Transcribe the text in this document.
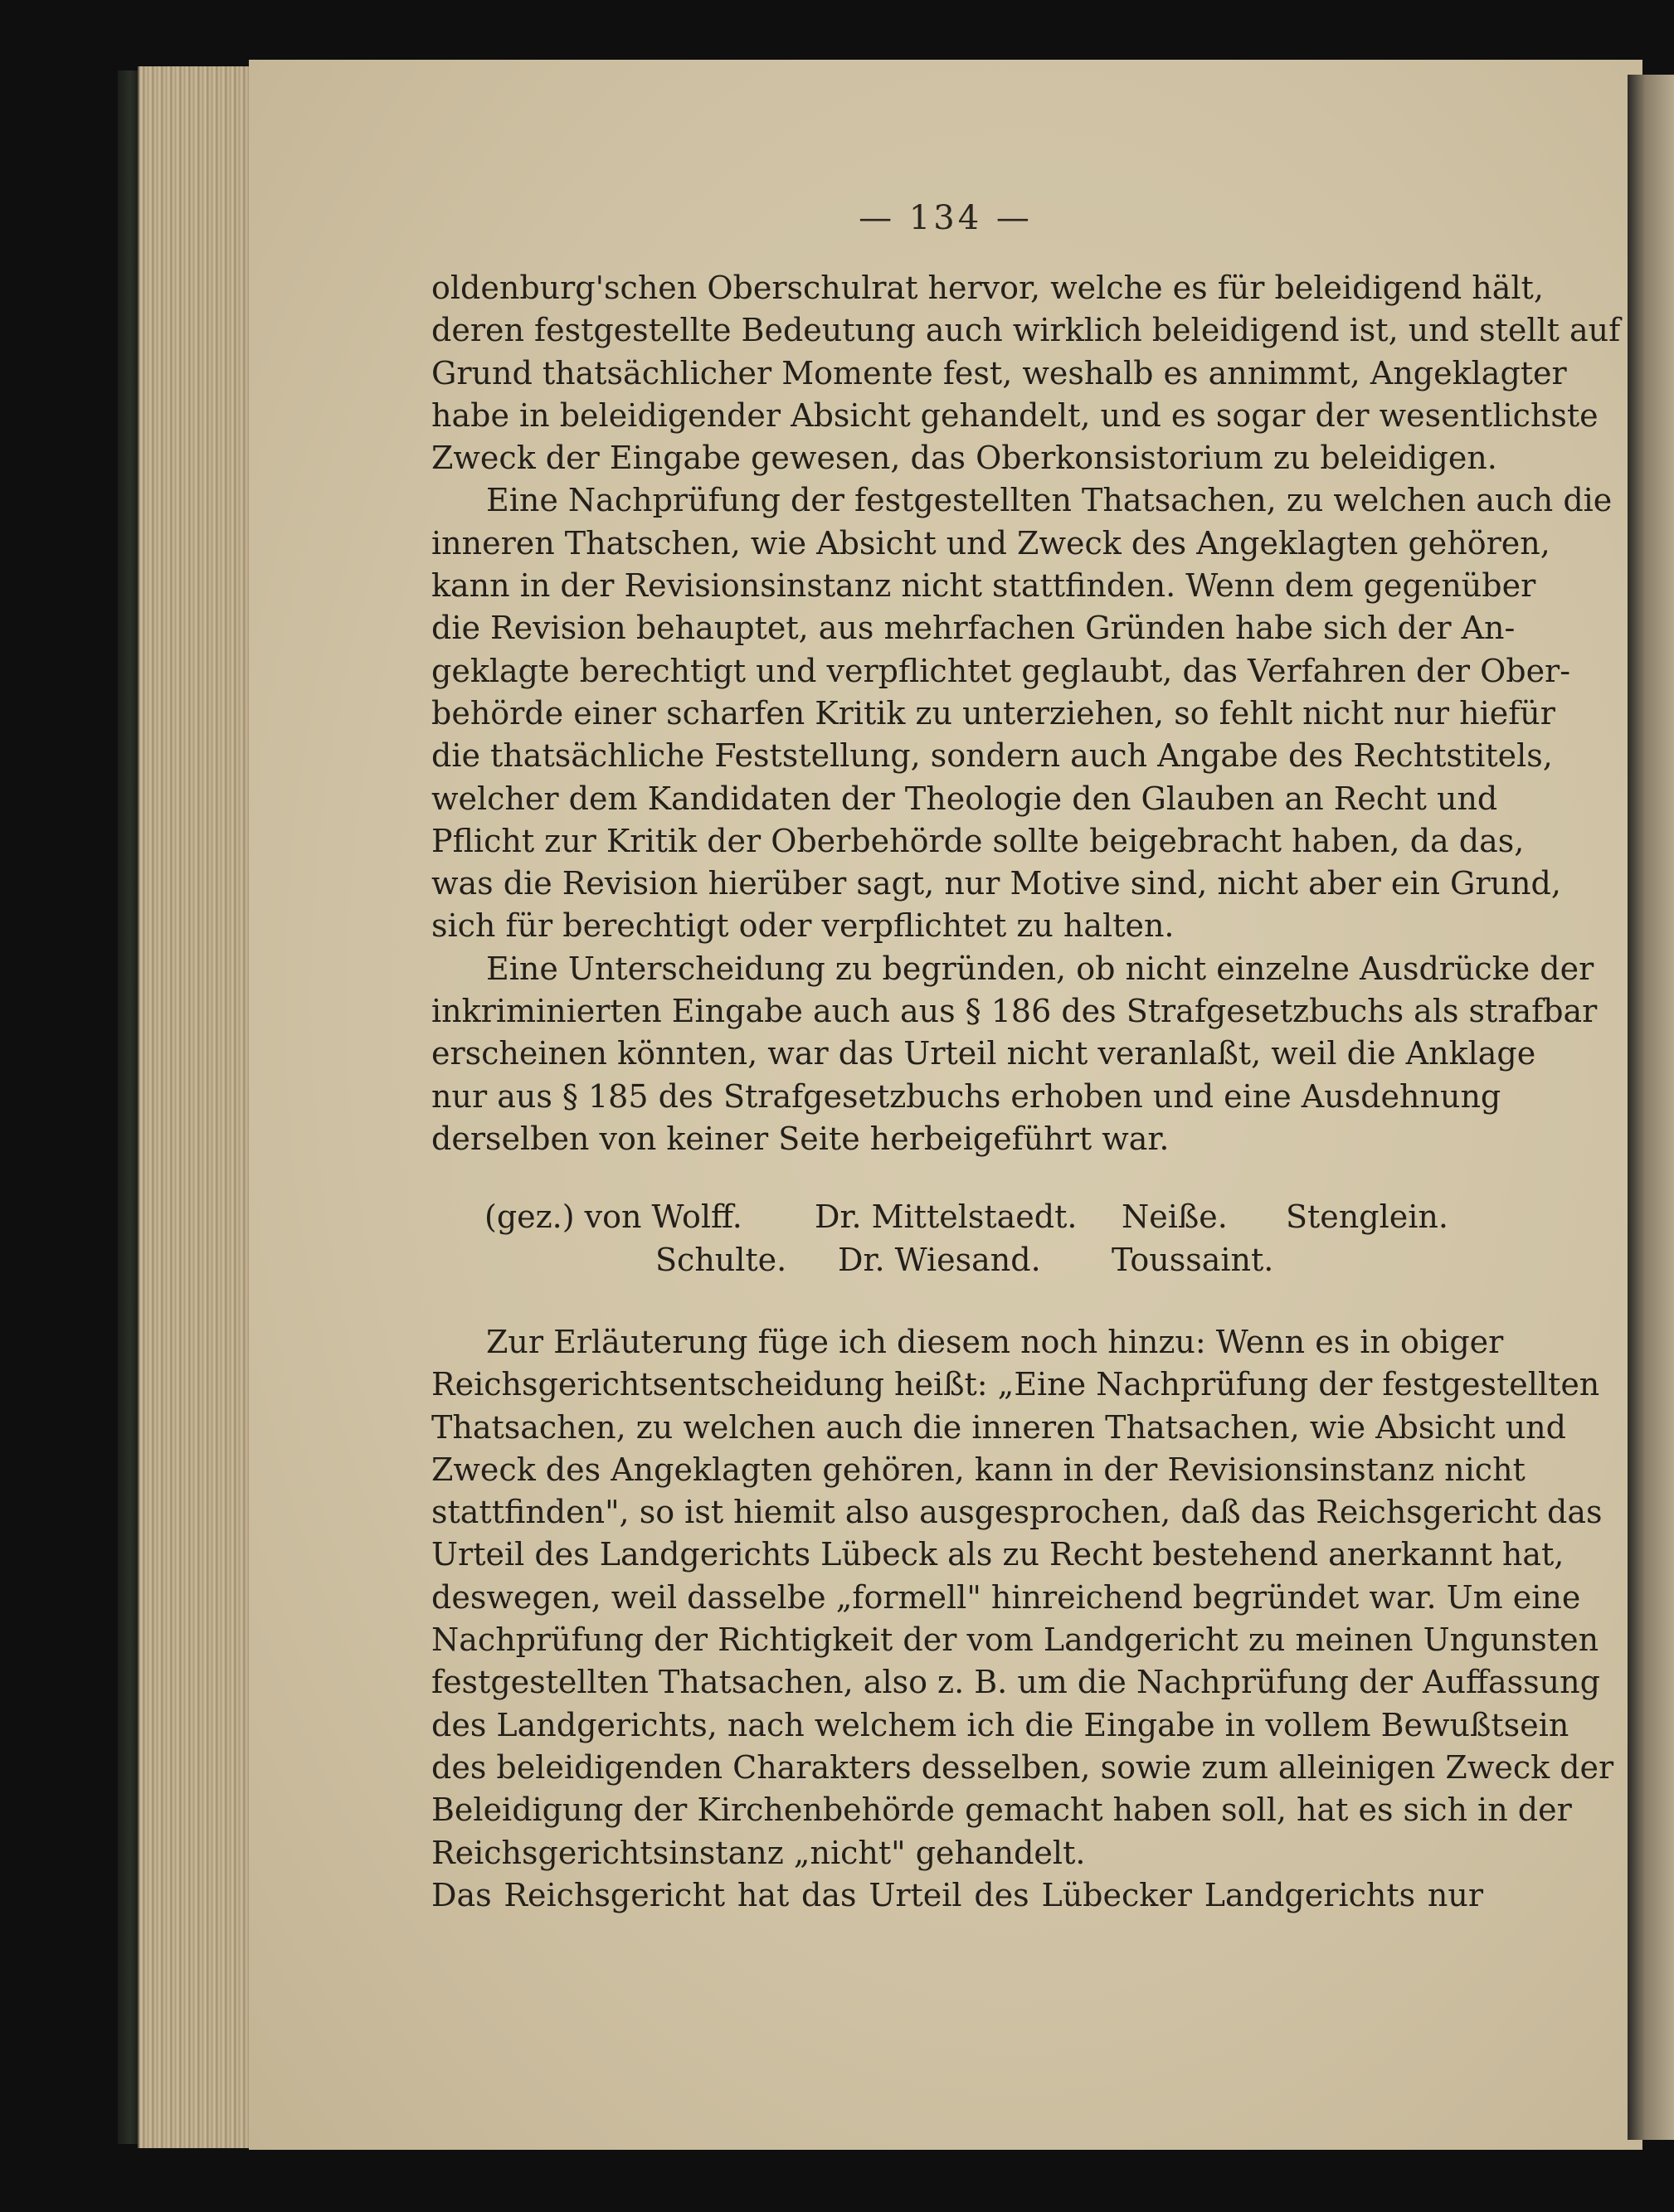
— 134 —
oldenburg'schen Oberschulrat hervor, welche es für beleidigend hält,
deren festgestellte Bedeutung auch wirklich beleidigend ist, und stellt auf
Grund thatsächlicher Momente fest, weshalb es annimmt, Angeklagter
habe in beleidigender Absicht gehandelt, und es sogar der wesentlichste
Zweck der Eingabe gewesen, das Oberkonsistorium zu beleidigen.
Eine Nachprüfung der festgestellten Thatsachen, zu welchen auch die
inneren Thatschen, wie Absicht und Zweck des Angeklagten gehören,
kann in der Revisionsinstanz nicht stattfinden. Wenn dem gegenüber
die Revision behauptet, aus mehrfachen Gründen habe sich der An-
geklagte berechtigt und verpflichtet geglaubt, das Verfahren der Ober-
behörde einer scharfen Kritik zu unterziehen, so fehlt nicht nur hiefür
die thatsächliche Feststellung, sondern auch Angabe des Rechtstitels,
welcher dem Kandidaten der Theologie den Glauben an Recht und
Pflicht zur Kritik der Oberbehörde sollte beigebracht haben, da das,
was die Revision hierüber sagt, nur Motive sind, nicht aber ein Grund,
sich für berechtigt oder verpflichtet zu halten.
Eine Unterscheidung zu begründen, ob nicht einzelne Ausdrücke der
inkriminierten Eingabe auch aus § 186 des Strafgesetzbuchs als strafbar
erscheinen könnten, war das Urteil nicht veranlaßt, weil die Anklage
nur aus § 185 des Strafgesetzbuchs erhoben und eine Ausdehnung
derselben von keiner Seite herbeigeführt war.
(gez.) von Wolff. Dr. Mittelstaedt. Neiße. Stenglein.
Schulte. Dr. Wiesand. Toussaint.
Zur Erläuterung füge ich diesem noch hinzu: Wenn es in obiger
Reichsgerichtsentscheidung heißt: „Eine Nachprüfung der festgestellten
Thatsachen, zu welchen auch die inneren Thatsachen, wie Absicht und
Zweck des Angeklagten gehören, kann in der Revisionsinstanz nicht
stattfinden", so ist hiemit also ausgesprochen, daß das Reichsgericht das
Urteil des Landgerichts Lübeck als zu Recht bestehend anerkannt hat,
deswegen, weil dasselbe „formell" hinreichend begründet war. Um eine
Nachprüfung der Richtigkeit der vom Landgericht zu meinen Ungunsten
festgestellten Thatsachen, also z. B. um die Nachprüfung der Auffassung
des Landgerichts, nach welchem ich die Eingabe in vollem Bewußtsein
des beleidigenden Charakters desselben, sowie zum alleinigen Zweck der
Beleidigung der Kirchenbehörde gemacht haben soll, hat es sich in der
Reichsgerichtsinstanz „nicht" gehandelt.
Das Reichsgericht hat das Urteil des Lübecker Landgerichts nur
